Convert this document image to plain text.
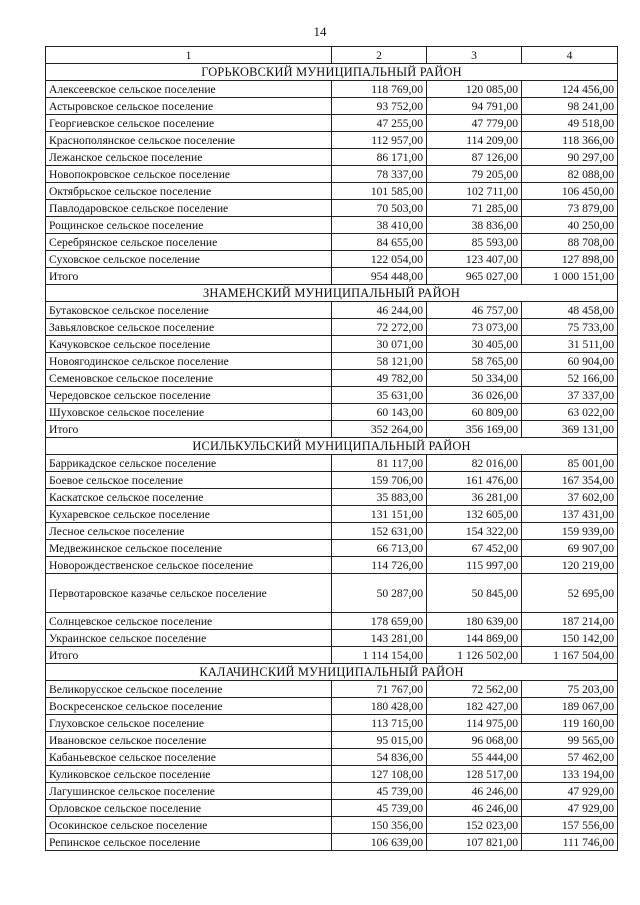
14
1	2	3	4
ГОРЬКОВСКИЙ МУНИЦИПАЛЬНЫЙ РАЙОН			
Алексеевское сельское поселение	118 769,00	120 085,00	124 456,00
Астыровское сельское поселение	93 752,00	94 791,00	98 241,00
Георгиевское сельское поселение	47 255,00	47 779,00	49 518,00
Краснополянское сельское поселение	112 957,00	114 209,00	118 366,00
Лежанское сельское поселение	86 171,00	87 126,00	90 297,00
Новопокровское сельское поселение	78 337,00	79 205,00	82 088,00
Октябрьское сельское поселение	101 585,00	102 711,00	106 450,00
Павлодаровское сельское поселение	70 503,00	71 285,00	73 879,00
Рощинское сельское поселение	38 410,00	38 836,00	40 250,00
Серебрянское сельское поселение	84 655,00	85 593,00	88 708,00
Суховское сельское поселение	122 054,00	123 407,00	127 898,00
Итого	954 448,00	965 027,00	1 000 151,00
ЗНАМЕНСКИЙ МУНИЦИПАЛЬНЫЙ РАЙОН			
Бутаковское сельское поселение	46 244,00	46 757,00	48 458,00
Завьяловское сельское поселение	72 272,00	73 073,00	75 733,00
Качуковское сельское поселение	30 071,00	30 405,00	31 511,00
Новоягодинское сельское поселение	58 121,00	58 765,00	60 904,00
Семеновское сельское поселение	49 782,00	50 334,00	52 166,00
Чередовское сельское поселение	35 631,00	36 026,00	37 337,00
Шуховское сельское поселение	60 143,00	60 809,00	63 022,00
Итого	352 264,00	356 169,00	369 131,00
ИСИЛЬКУЛЬСКИЙ МУНИЦИПАЛЬНЫЙ РАЙОН			
Баррикадское сельское поселение	81 117,00	82 016,00	85 001,00
Боевое сельское поселение	159 706,00	161 476,00	167 354,00
Каскатское сельское поселение	35 883,00	36 281,00	37 602,00
Кухаревское сельское поселение	131 151,00	132 605,00	137 431,00
Лесное сельское поселение	152 631,00	154 322,00	159 939,00
Медвежинское сельское поселение	66 713,00	67 452,00	69 907,00
Новорождественское сельское поселение	114 726,00	115 997,00	120 219,00
Первотаровское казачье сельское поселение	50 287,00	50 845,00	52 695,00
Солнцевское сельское поселение	178 659,00	180 639,00	187 214,00
Украинское сельское поселение	143 281,00	144 869,00	150 142,00
Итого	1 114 154,00	1 126 502,00	1 167 504,00
КАЛАЧИНСКИЙ МУНИЦИПАЛЬНЫЙ РАЙОН			
Великорусское сельское поселение	71 767,00	72 562,00	75 203,00
Воскресенское сельское поселение	180 428,00	182 427,00	189 067,00
Глуховское сельское поселение	113 715,00	114 975,00	119 160,00
Ивановское сельское поселение	95 015,00	96 068,00	99 565,00
Кабаньевское сельское поселение	54 836,00	55 444,00	57 462,00
Куликовское сельское поселение	127 108,00	128 517,00	133 194,00
Лагушинское сельское поселение	45 739,00	46 246,00	47 929,00
Орловское сельское поселение	45 739,00	46 246,00	47 929,00
Осокинское сельское поселение	150 356,00	152 023,00	157 556,00
Репинское сельское поселение	106 639,00	107 821,00	111 746,00
